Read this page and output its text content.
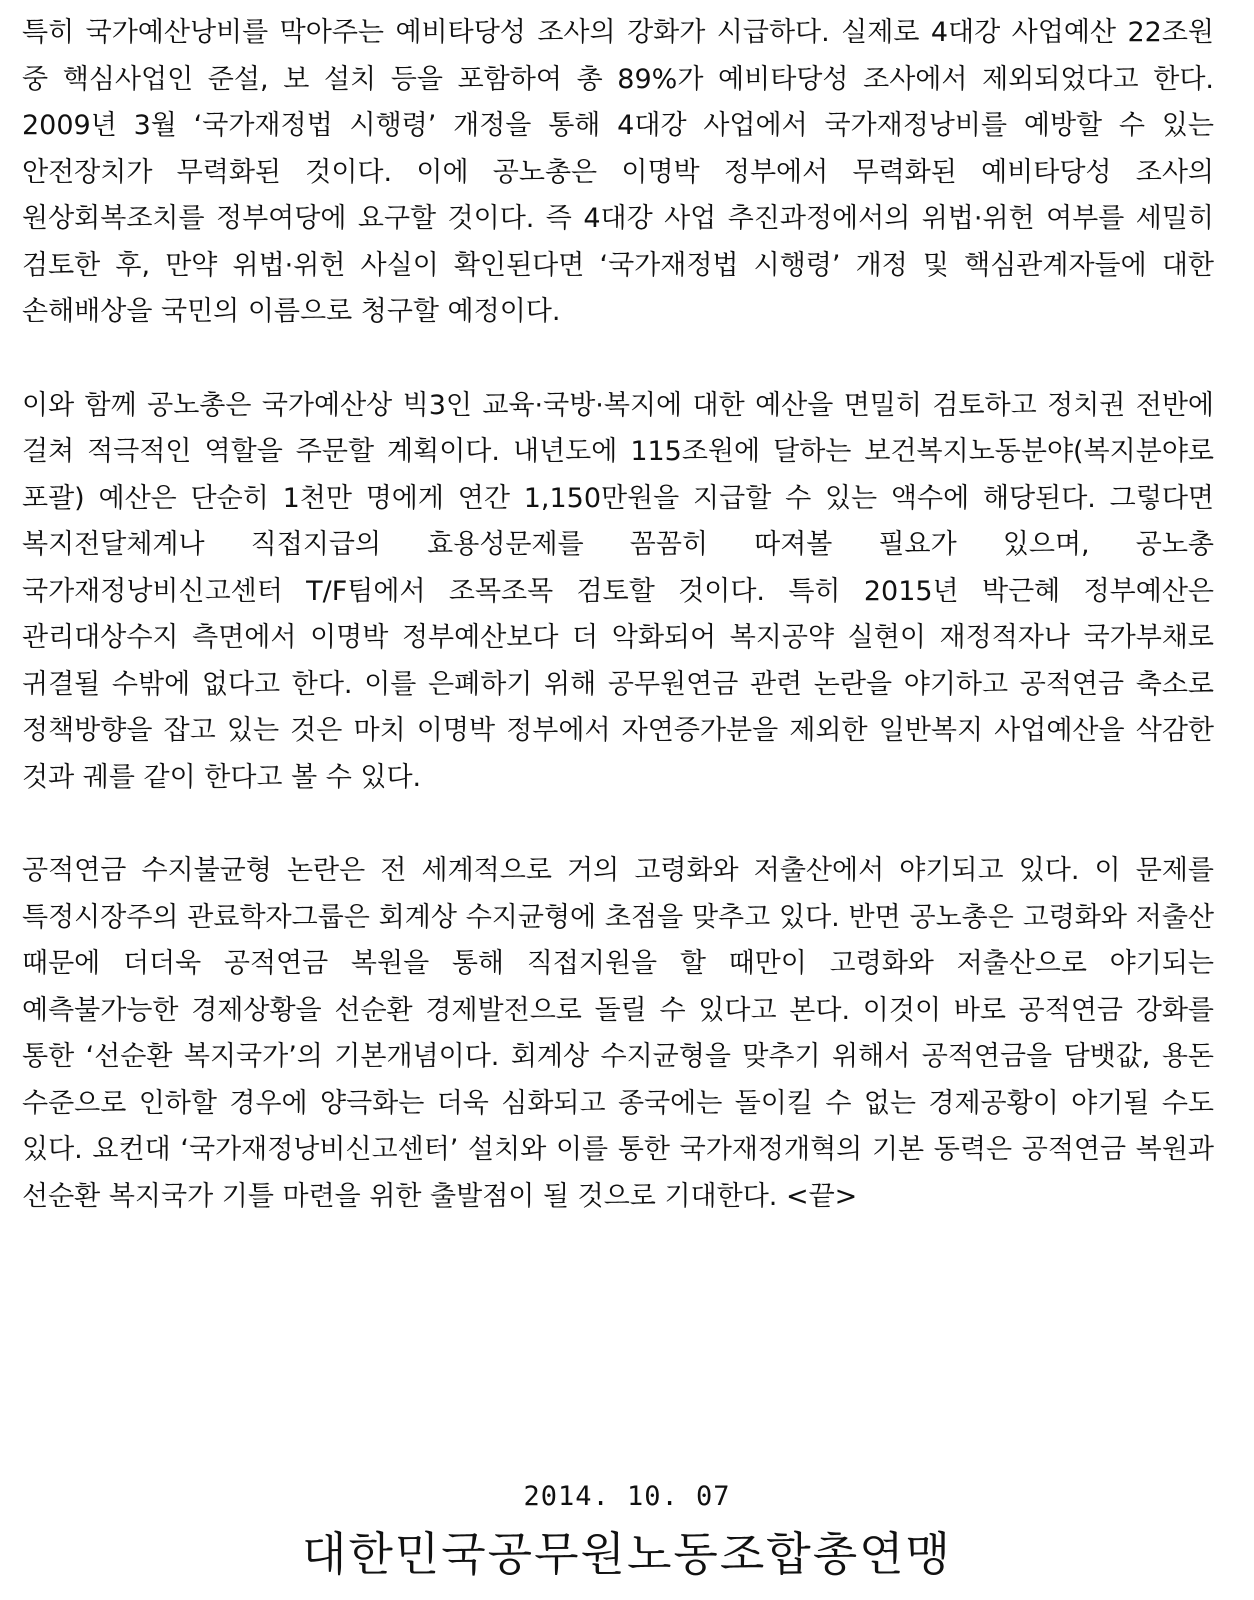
특히 국가예산낭비를 막아주는 예비타당성 조사의 강화가 시급하다. 실제로 4대강 사업예산 22조원 중 핵심사업인 준설, 보 설치 등을 포함하여 총 89%가 예비타당성 조사에서 제외되었다고 한다. 2009년 3월 ‘국가재정법 시행령’ 개정을 통해 4대강 사업에서 국가재정낭비를 예방할 수 있는 안전장치가 무력화된 것이다. 이에 공노총은 이명박 정부에서 무력화된 예비타당성 조사의 원상회복조치를 정부여당에 요구할 것이다. 즉 4대강 사업 추진과정에서의 위법·위헌 여부를 세밀히 검토한 후, 만약 위법·위헌 사실이 확인된다면 ‘국가재정법 시행령’ 개정 및 핵심관계자들에 대한 손해배상을 국민의 이름으로 청구할 예정이다.

이와 함께 공노총은 국가예산상 빅3인 교육·국방·복지에 대한 예산을 면밀히 검토하고 정치권 전반에 걸쳐 적극적인 역할을 주문할 계획이다. 내년도에 115조원에 달하는 보건복지노동분야(복지분야로 포괄) 예산은 단순히 1천만 명에게 연간 1,150만원을 지급할 수 있는 액수에 해당된다. 그렇다면 복지전달체계나 직접지급의 효용성문제를 꼼꼼히 따져볼 필요가 있으며, 공노총 국가재정낭비신고센터 T/F팀에서 조목조목 검토할 것이다. 특히 2015년 박근혜 정부예산은 관리대상수지 측면에서 이명박 정부예산보다 더 악화되어 복지공약 실현이 재정적자나 국가부채로 귀결될 수밖에 없다고 한다. 이를 은폐하기 위해 공무원연금 관련 논란을 야기하고 공적연금 축소로 정책방향을 잡고 있는 것은 마치 이명박 정부에서 자연증가분을 제외한 일반복지 사업예산을 삭감한 것과 궤를 같이 한다고 볼 수 있다.

공적연금 수지불균형 논란은 전 세계적으로 거의 고령화와 저출산에서 야기되고 있다. 이 문제를 특정시장주의 관료학자그룹은 회계상 수지균형에 초점을 맞추고 있다. 반면 공노총은 고령화와 저출산 때문에 더더욱 공적연금 복원을 통해 직접지원을 할 때만이 고령화와 저출산으로 야기되는 예측불가능한 경제상황을 선순환 경제발전으로 돌릴 수 있다고 본다. 이것이 바로 공적연금 강화를 통한 ‘선순환 복지국가’의 기본개념이다. 회계상 수지균형을 맞추기 위해서 공적연금을 담뱃값, 용돈 수준으로 인하할 경우에 양극화는 더욱 심화되고 종국에는 돌이킬 수 없는 경제공황이 야기될 수도 있다. 요컨대 ‘국가재정낭비신고센터’ 설치와 이를 통한 국가재정개혁의 기본 동력은 공적연금 복원과 선순환 복지국가 기틀 마련을 위한 출발점이 될 것으로 기대한다. <끝>

2014. 10. 07
대한민국공무원노동조합총연맹
